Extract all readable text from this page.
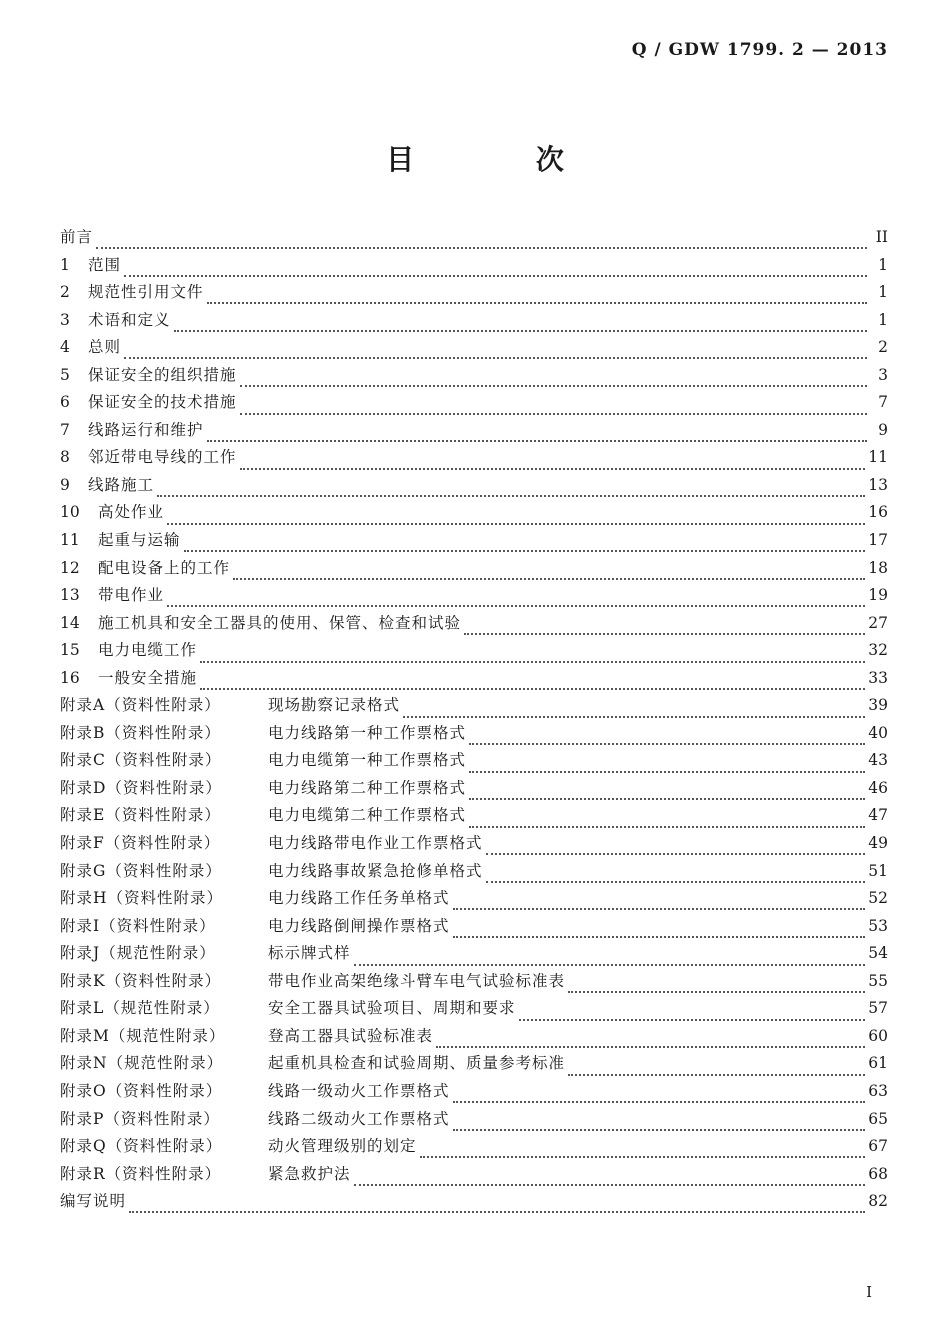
Q / GDW 1799. 2 — 2013
目 次
前言	II
1	范围	1
2	规范性引用文件	1
3	术语和定义	1
4	总则	2
5	保证安全的组织措施	3
6	保证安全的技术措施	7
7	线路运行和维护	9
8	邻近带电导线的工作	11
9	线路施工	13
10	高处作业	16
11	起重与运输	17
12	配电设备上的工作	18
13	带电作业	19
14	施工机具和安全工器具的使用、保管、检查和试验	27
15	电力电缆工作	32
16	一般安全措施	33
附录A（资料性附录）	现场勘察记录格式	39
附录B（资料性附录）	电力线路第一种工作票格式	40
附录C（资料性附录）	电力电缆第一种工作票格式	43
附录D（资料性附录）	电力线路第二种工作票格式	46
附录E（资料性附录）	电力电缆第二种工作票格式	47
附录F（资料性附录）	电力线路带电作业工作票格式	49
附录G（资料性附录）	电力线路事故紧急抢修单格式	51
附录H（资料性附录）	电力线路工作任务单格式	52
附录I（资料性附录）	电力线路倒闸操作票格式	53
附录J（规范性附录）	标示牌式样	54
附录K（资料性附录）	带电作业高架绝缘斗臂车电气试验标准表	55
附录L（规范性附录）	安全工器具试验项目、周期和要求	57
附录M（规范性附录）	登高工器具试验标准表	60
附录N（规范性附录）	起重机具检查和试验周期、质量参考标准	61
附录O（资料性附录）	线路一级动火工作票格式	63
附录P（资料性附录）	线路二级动火工作票格式	65
附录Q（资料性附录）	动火管理级别的划定	67
附录R（资料性附录）	紧急救护法	68
编写说明	82
I
